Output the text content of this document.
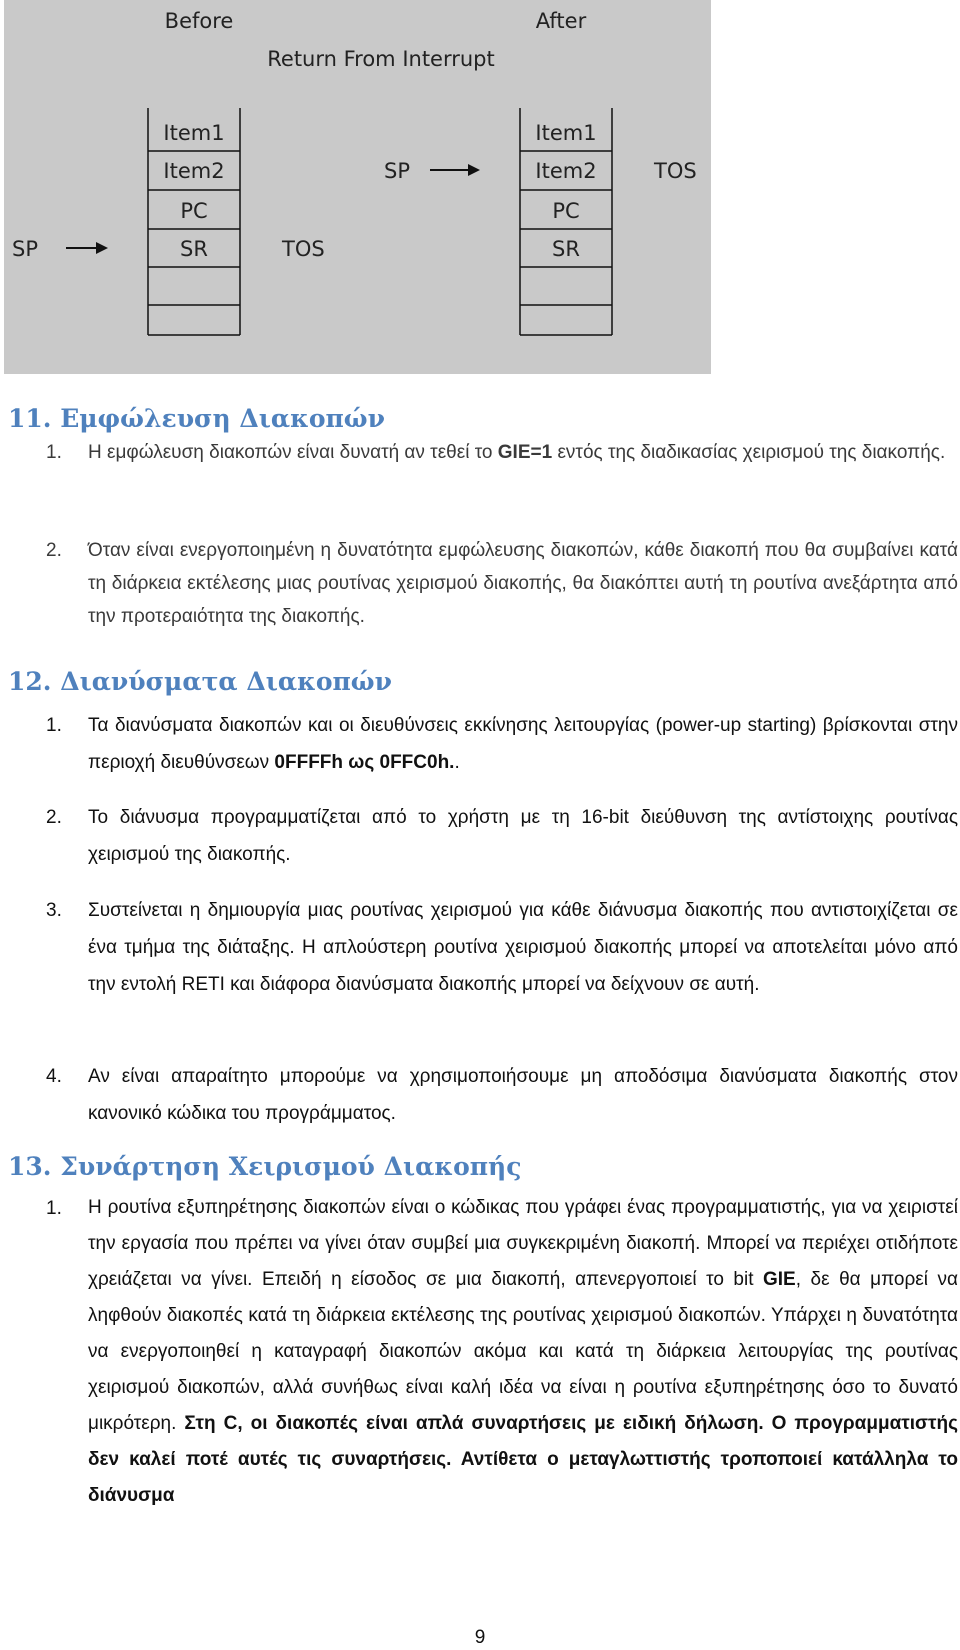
Before	After
Return From Interrupt
Item1
Item2
PC
SR
SP	TOS
Item1
Item2
PC
SR
SP	TOS
11. Εμφώλευση Διακοπών
1. Η εμφώλευση διακοπών είναι δυνατή αν τεθεί το GIE=1 εντός της διαδικασίας χειρισμού της διακοπής.
2. Όταν είναι ενεργοποιημένη η δυνατότητα εμφώλευσης διακοπών, κάθε διακοπή που θα συμβαίνει κατά τη διάρκεια εκτέλεσης μιας ρουτίνας χειρισμού διακοπής, θα διακόπτει αυτή τη ρουτίνα ανεξάρτητα από την προτεραιότητα της διακοπής.
12. Διανύσματα Διακοπών
1. Τα διανύσματα διακοπών και οι διευθύνσεις εκκίνησης λειτουργίας (power-up starting) βρίσκονται στην περιοχή διευθύνσεων 0FFFFh ως 0FFC0h..
2. Το διάνυσμα προγραμματίζεται από το χρήστη με τη 16-bit διεύθυνση της αντίστοιχης ρουτίνας χειρισμού της διακοπής.
3. Συστείνεται η δημιουργία μιας ρουτίνας χειρισμού για κάθε διάνυσμα διακοπής που αντιστοιχίζεται σε ένα τμήμα της διάταξης. Η απλούστερη ρουτίνα χειρισμού διακοπής μπορεί να αποτελείται μόνο από την εντολή RETI και διάφορα διανύσματα διακοπής μπορεί να δείχνουν σε αυτή.
4. Αν είναι απαραίτητο μπορούμε να χρησιμοποιήσουμε μη αποδόσιμα διανύσματα διακοπής στον κανονικό κώδικα του προγράμματος.
13. Συνάρτηση Χειρισμού Διακοπής
1. Η ρουτίνα εξυπηρέτησης διακοπών είναι ο κώδικας που γράφει ένας προγραμματιστής, για να χειριστεί την εργασία που πρέπει να γίνει όταν συμβεί μια συγκεκριμένη διακοπή. Μπορεί να περιέχει οτιδήποτε χρειάζεται να γίνει. Επειδή η είσοδος σε μια διακοπή, απενεργοποιεί το bit GIE, δε θα μπορεί να ληφθούν διακοπές κατά τη διάρκεια εκτέλεσης της ρουτίνας χειρισμού διακοπών. Υπάρχει η δυνατότητα να ενεργοποιηθεί η καταγραφή διακοπών ακόμα και κατά τη διάρκεια λειτουργίας της ρουτίνας χειρισμού διακοπών, αλλά συνήθως είναι καλή ιδέα να είναι η ρουτίνα εξυπηρέτησης όσο το δυνατό μικρότερη. Στη C, οι διακοπές είναι απλά συναρτήσεις με ειδική δήλωση. Ο προγραμματιστής δεν καλεί ποτέ αυτές τις συναρτήσεις. Αντίθετα ο μεταγλωττιστής τροποποιεί κατάλληλα το διάνυσμα
9
